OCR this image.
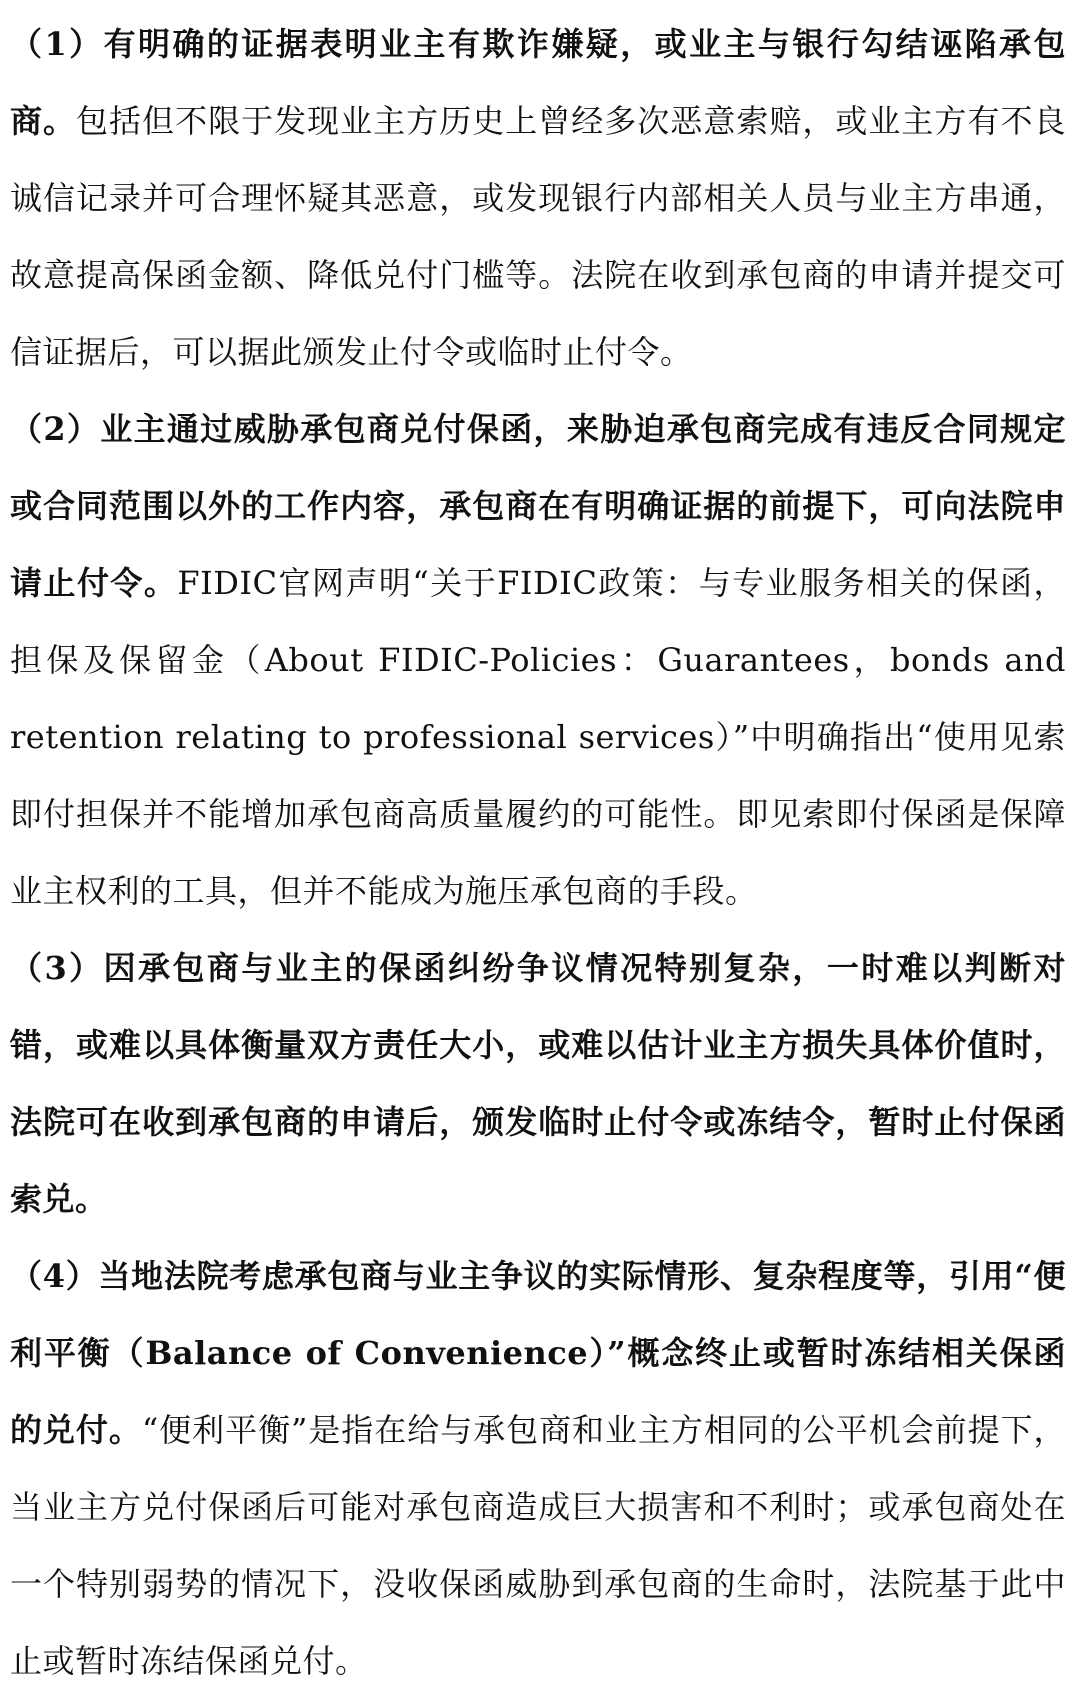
（1）有明确的证据表明业主有欺诈嫌疑，或业主与银行勾结诬陷承包商。包括但不限于发现业主方历史上曾经多次恶意索赔，或业主方有不良诚信记录并可合理怀疑其恶意，或发现银行内部相关人员与业主方串通，故意提高保函金额、降低兑付门槛等。法院在收到承包商的申请并提交可信证据后，可以据此颁发止付令或临时止付令。

（2）业主通过威胁承包商兑付保函，来胁迫承包商完成有违反合同规定或合同范围以外的工作内容，承包商在有明确证据的前提下，可向法院申请止付令。FIDIC官网声明“关于FIDIC政策：与专业服务相关的保函，担保及保留金（About FIDIC-Policies：Guarantees，bonds and retention relating to professional services）”中明确指出“使用见索即付担保并不能增加承包商高质量履约的可能性。即见索即付保函是保障业主权利的工具，但并不能成为施压承包商的手段。

（3）因承包商与业主的保函纠纷争议情况特别复杂，一时难以判断对错，或难以具体衡量双方责任大小，或难以估计业主方损失具体价值时，法院可在收到承包商的申请后，颁发临时止付令或冻结令，暂时止付保函索兑。

（4）当地法院考虑承包商与业主争议的实际情形、复杂程度等，引用“便利平衡（Balance of Convenience）”概念终止或暂时冻结相关保函的兑付。“便利平衡”是指在给与承包商和业主方相同的公平机会前提下，当业主方兑付保函后可能对承包商造成巨大损害和不利时；或承包商处在一个特别弱势的情况下，没收保函威胁到承包商的生命时，法院基于此中止或暂时冻结保函兑付。
